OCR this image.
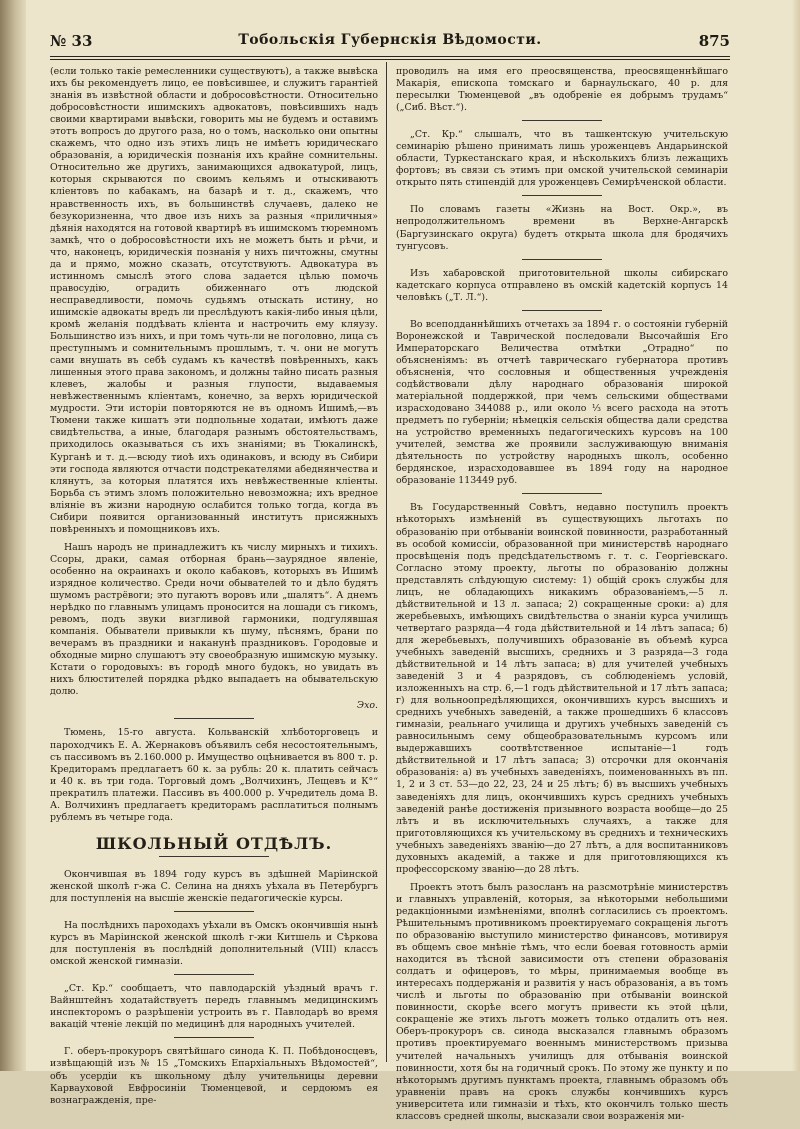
№ 33	Тобольскія Губернскія Вѣдомости.	875

(если только такіе ремесленники существуютъ), а также вывѣска ихъ бы рекомендуетъ лицо, ее повѣсившее, и служитъ гарантіей знанія въ извѣстной области и добросовѣстности. Относительно добросовѣстности ишимскихъ адвокатовъ, повѣсившихъ надъ своими квартирами вывѣски, говорить мы не будемъ и оставимъ этотъ вопросъ до другого раза, но о томъ, насколько они опытны скажемъ, что одно изъ этихъ лицъ не имѣетъ юридическаго образованія, а юридическія познанія ихъ крайне сомнительны. Относительно же другихъ, занимающихся адвокатурой, лицъ, которыя скрываются по своимъ кельямъ и отыскиваютъ кліентовъ по кабакамъ, на базарѣ и т. д., скажемъ, что нравственность ихъ, въ большинствѣ случаевъ, далеко не безукоризненна, что двое изъ нихъ за разныя «приличныя» дѣянія находятся на готовой квартирѣ въ ишимскомъ тюремномъ замкѣ, что о добросовѣстности ихъ не можетъ быть и рѣчи, и что, наконецъ, юридическія познанія у нихъ пичтожны, смутны да и прямо, можно сказать, отсутствуютъ. Адвокатура въ истинномъ смыслѣ этого слова задается цѣлью помочь правосудію, оградить обиженнаго отъ людской несправедливости, помочь судьямъ отыскать истину, но ишимскіе адвокаты вредъ ли преслѣдуютъ какія-либо иныя цѣли, кромѣ желанія поддѣвать кліента и настрочить ему кляузу. Большинство изъ нихъ, и при томъ чуть-ли не поголовно, лица съ преступнымъ и сомнительнымъ прошлымъ, т. ч. они не могутъ сами внушать въ себѣ судамъ къ качествѣ повѣренныхъ, какъ лишенныя этого права закономъ, и должны тайно писать разныя клевеъ, жалобы и разныя глупости, выдаваемыя невѣжественнымъ кліентамъ, конечно, за верхъ юридической мудрости. Эти исторіи повторяются не въ одномъ Ишимѣ,—въ Тюмени также кишатъ эти подпольные ходатаи, имѣютъ даже свидѣтельства, а иные, благодаря разнымъ обстоятельствамъ, приходилось оказываться съ ихъ знаніями; въ Тюкалинскѣ, Курганѣ и т. д.—всюду тиоѣ ихъ одинаковъ, и всюду въ Сибири эти господа являются отчасти подстрекателями абеднянчества и клянутъ, за которыя платятся ихъ невѣжественные кліенты. Борьба съ этимъ зломъ положительно невозможна; ихъ вредное вліяніе въ жизни народную ослабится только тогда, когда въ Сибири появится организованный институтъ присяжныхъ повѣренныхъ и помощниковъ ихъ.

Нашъ народъ не принадлежитъ къ числу мирныхъ и тихихъ. Ссоры, драки, самая отборная брань—заурядное явленіе, особенно на окраинахъ и около кабаковъ, которыхъ въ Ишимѣ изрядное количество. Среди ночи обывателей то и дѣло будятъ шумомъ растрёвоги; это пугаютъ воровъ или „шалятъ“. А днемъ нерѣдко по главнымъ улицамъ проносится на лошади съ гикомъ, ревомъ, подъ звуки визгливой гармоники, подгулявшая компанія. Обыватели привыкли къ шуму, пѣснямъ, брани по вечерамъ въ праздники и наканунѣ праздниковъ. Городовые и обходные мирно слушаютъ эту своеобразную ишимскую музыку. Кстати о городовыхъ: въ городѣ много будокъ, но увидать въ нихъ блюстителей порядка рѣдко выпадаетъ на обывательскую долю.

Эхо.

Тюмень, 15-го августа. Кольванскій хлѣботорговецъ и пароходчикъ Е. А. Жернаковъ объявилъ себя несостоятельнымъ, съ пассивомъ въ 2.160.000 р. Имущество оцѣнивается въ 800 т. р. Кредиторамъ предлагаетъ 60 к. за рубль: 20 к. платить сейчасъ и 40 к. въ три года. Торговый домъ „Волчихинъ, Лещевъ и К°“ прекратилъ платежи. Пассивъ въ 400.000 р. Учредитель дома В. А. Волчихинъ предлагаетъ кредиторамъ расплатиться полнымъ рублемъ въ четыре года.

ШКОЛЬНЫЙ ОТДѢЛЪ.

Окончившая въ 1894 году курсъ въ здѣшней Маріинской женской школѣ г-жа С. Селина на дняхъ уѣхала въ Петербургъ для поступленія на высшіе женскіе педагогическіе курсы.

На послѣднихъ пароходахъ уѣхали въ Омскъ окончившія нынѣ курсъ въ Маріинской женской школѣ г-жи Китшель и Сѣркова для поступленія въ послѣдній дополнительный (VIII) классъ омской женской гимназіи.

„Ст. Кр.“ сообщаетъ, что павлодарскій уѣздный врачъ г. Вайнштейнъ ходатайствуетъ передъ главнымъ медицинскимъ инспекторомъ о разрѣшеніи устроить въ г. Павлодарѣ во время вакацій чтеніе лекцій по медицинѣ для народныхъ учителей.

Г. оберъ-прокуроръ святѣйшаго синода К. П. Побѣдоносцевъ, извѣщающій изъ № 15 „Томскихъ Епархіальныхъ Вѣдомостей“, объ усердіи къ школьному дѣлу учительницы деревни Карвауховой Евфросиніи Тюменцевой, и сердоюмъ ея вознагражденія, пре-

проводилъ на имя его преосвященства, преосвященнѣйшаго Макарія, епископа томскаго и барнаульскаго, 40 р. для пересылки Тюменцевой „въ одобреніе ея добрымъ трудамъ“ („Сиб. Вѣст.“).

„Ст. Кр.“ слышалъ, что въ ташкентскую учительскую семинарію рѣшено принимать лишь уроженцевъ Андарьинской области, Туркестанскаго края, и нѣсколькихъ близъ лежащихъ фортовъ; въ связи съ этимъ при омской учительской семинаріи открыто пять стипендій для уроженцевъ Семирѣченской области.

По словамъ газеты «Жизнь на Вост. Окр.», въ непродолжительномъ времени въ Верхне-Ангарскѣ (Баргузинскаго округа) будетъ открыта школа для бродячихъ тунгусовъ.

Изъ хабаровской приготовительной школы сибирскаго кадетскаго корпуса отправлено въ омскій кадетскій корпусъ 14 человѣкъ („Т. Л.“).

Во всеподданнѣйшихъ отчетахъ за 1894 г. о состояніи губерній Воронежской и Таврической последовали Высочайшія Его Императорскаго Величества отмѣтки „Отрадно“ по объясненіямъ: въ отчетѣ таврическаго губернатора противъ объясненія, что сословныя и общественныя учрежденія содѣйствовали дѣлу народнаго образованія широкой матеріальной поддержкой, при чемъ сельскими обществами израсходовано 344088 р., или около ⅓ всего расхода на этотъ предметъ по губерніи; нѣмецкія сельскія общества дали средства на устройство временныхъ педагогическихъ курсовъ на 100 учителей, земства же проявили заслуживающую вниманія дѣятельность по устройству народныхъ школъ, особенно бердянское, израсходовавшее въ 1894 году на народное образованіе 113449 руб.

Въ Государственный Совѣтъ, недавно поступилъ проектъ нѣкоторыхъ измѣненій въ существующихъ льготахъ по образованію при отбываніи воинской повинности, разработанный въ особой комиссіи, образованной при министерствѣ народнаго просвѣщенія подъ предсѣдательствомъ г. т. с. Георгіевскаго. Согласно этому проекту, льготы по образованію должны представлять слѣдующую систему: 1) общій срокъ службы для лицъ, не обладающихъ никакимъ образованіемъ,—5 л. дѣйствительной и 13 л. запаса; 2) сокращенные сроки: а) для жеребьевыхъ, имѣющихъ свидѣтельства о знаніи курса училищъ четвертаго разряда—4 года дѣйствительной и 14 лѣтъ запаса; б) для жеребьевыхъ, получившихъ образованіе въ объемѣ курса учебныхъ заведеній высшихъ, среднихъ и 3 разряда—3 года дѣйствительной и 14 лѣтъ запаса; в) для учителей учебныхъ заведеній 3 и 4 разрядовъ, съ соблюденіемъ условій, изложенныхъ на стр. 6,—1 годъ дѣйствительной и 17 лѣтъ запаса; г) для вольноопредѣляющихся, окончившихъ курсъ высшихъ и среднихъ учебныхъ заведеній, а также прошедшихъ 6 классовъ гимназіи, реальнаго училища и другихъ учебныхъ заведеній съ равносильнымъ сему общеобразовательнымъ курсомъ или выдержавшихъ соотвѣтственное испытаніе—1 годъ дѣйствительной и 17 лѣтъ запаса; 3) отсрочки для окончанія образованія: а) въ учебныхъ заведеніяхъ, поименованныхъ въ пп. 1, 2 и 3 ст. 53—до 22, 23, 24 и 25 лѣтъ; б) въ высшихъ учебныхъ заведеніяхъ для лицъ, окончившихъ курсъ среднихъ учебныхъ заведеній ранѣе достиженія призывного возраста вообще—до 25 лѣтъ и въ исключительныхъ случаяхъ, а также для приготовляющихся къ учительскому въ среднихъ и техническихъ учебныхъ заведеніяхъ званію—до 27 лѣтъ, а для воспитанниковъ духовныхъ академій, а также и для приготовляющихся къ профессорскому званію—до 28 лѣтъ.

Проектъ этотъ былъ разосланъ на разсмотрѣніе министерствъ и главныхъ управленій, которыя, за нѣкоторыми небольшими редакціонными измѣненіями, вполнѣ согласились съ проектомъ. Рѣшительнымъ противникомъ проектируемаго сокращенія льготъ по образованію выступило министерство финансовъ, мотивируя въ общемъ свое мнѣніе тѣмъ, что если боевая готовность арміи находится въ тѣсной зависимости отъ степени образованія солдатъ и офицеровъ, то мѣры, принимаемыя вообще въ интересахъ поддержанія и развитія у насъ образованія, а въ томъ числѣ и льготы по образованію при отбываніи воинской повинности, скорѣе всего могутъ привести къ этой цѣли, сокращеніе же этихъ льготъ можетъ только отдалить отъ нея. Оберъ-прокуроръ св. синода высказался главнымъ образомъ противъ проектируемаго военнымъ министерствомъ призыва учителей начальныхъ училищъ для отбыванія воинской повинности, хотя бы на годичный срокъ. По этому же пункту и по нѣкоторымъ другимъ пунктамъ проекта, главнымъ образомъ объ уравненіи правъ на срокъ службы кончившихъ курсъ университета или гимназіи и тѣхъ, кто окончилъ только шесть классовъ средней школы, высказали свои возраженія ми-
